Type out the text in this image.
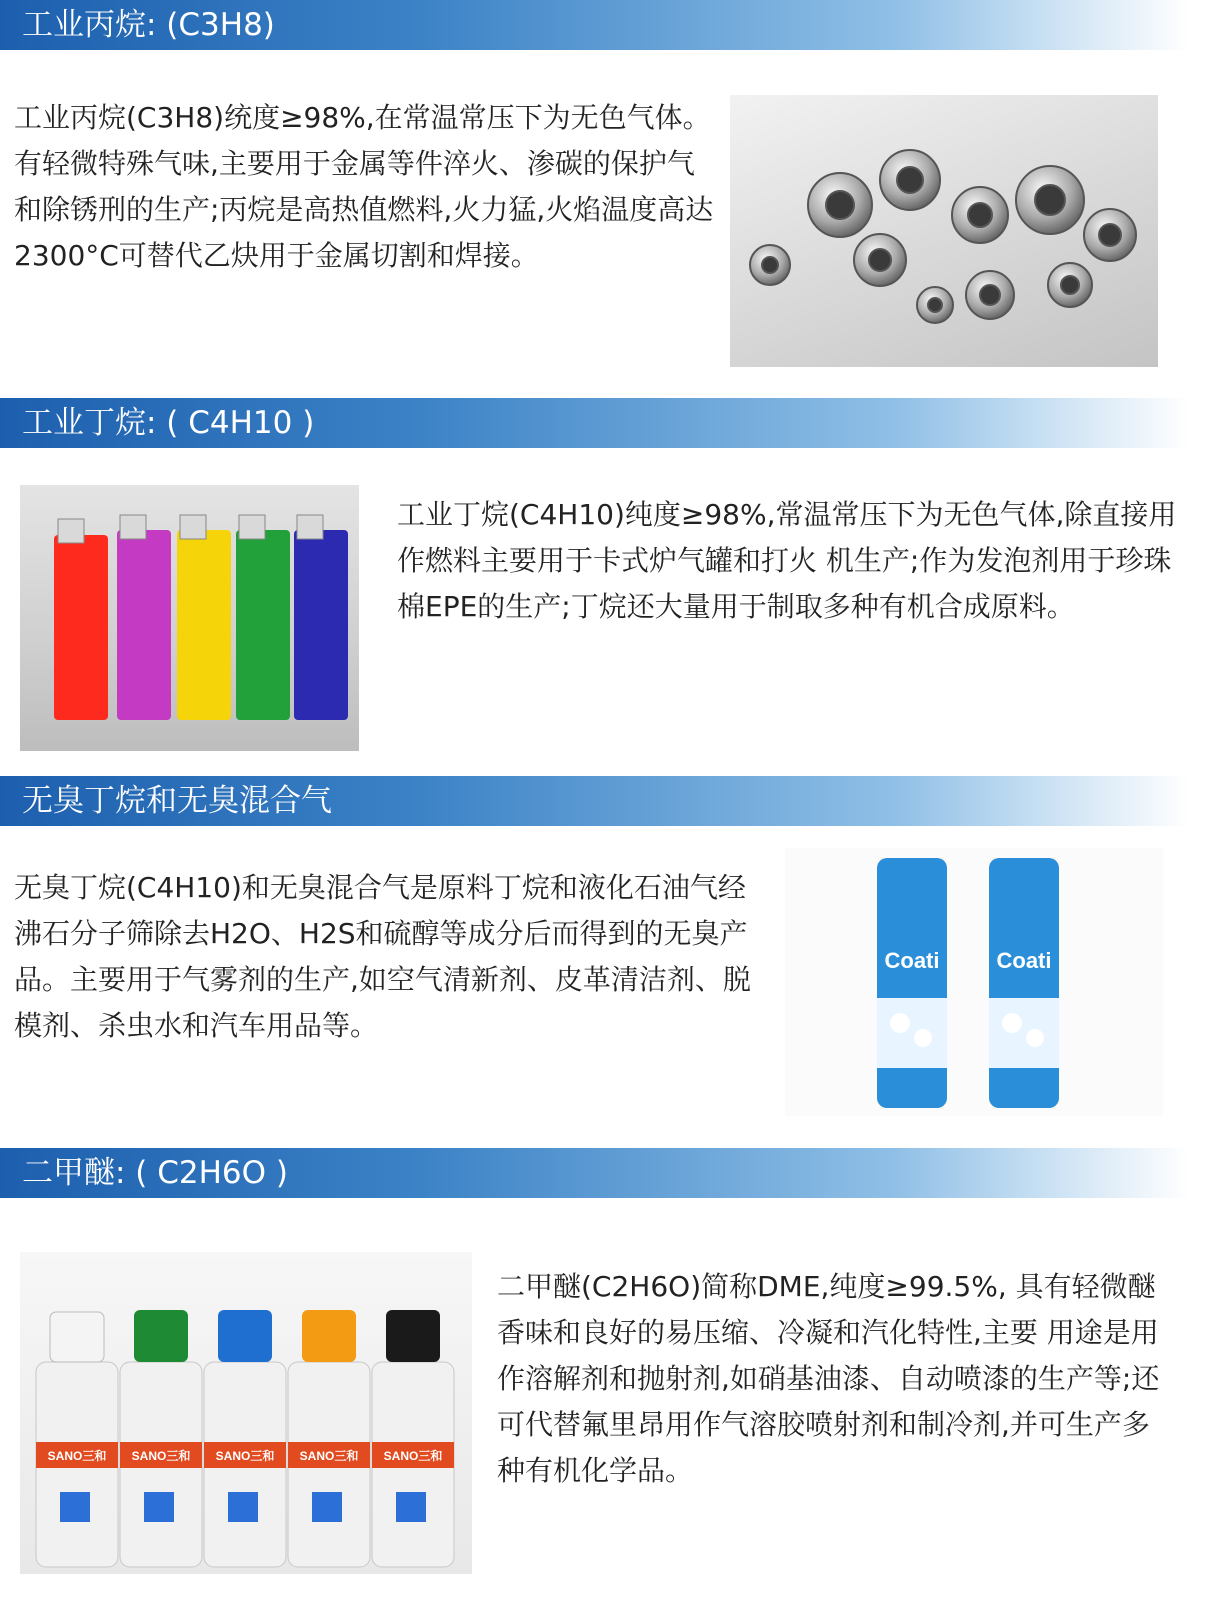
工业丙烷: (C3H8)

工业丙烷(C3H8)统度≥98%,在常温常压下为无色气体。有轻微特殊气味,主要用于金属等件淬火、渗碳的保护气和除锈刑的生产;丙烷是高热值燃料,火力猛,火焰温度高达2300°C可替代乙炔用于金属切割和焊接。

工业丁烷: ( C4H10 )

工业丁烷(C4H10)纯度≥98%,常温常压下为无色气体,除直接用作燃料主要用于卡式炉气罐和打火 机生产;作为发泡剂用于珍珠棉EPE的生产;丁烷还大量用于制取多种有机合成原料。

无臭丁烷和无臭混合气

无臭丁烷(C4H10)和无臭混合气是原料丁烷和液化石油气经沸石分子筛除去H2O、H2S和硫醇等成分后而得到的无臭产品。主要用于气雾剂的生产,如空气清新剂、皮革清洁剂、脱模剂、杀虫水和汽车用品等。

Coati	Coati
二甲醚: ( C2H6O )
SANO三和 SANO三和 SANO三和 SANO三和 SANO三和

二甲醚(C2H6O)简称DME,纯度≥99.5%, 具有轻微醚香味和良好的易压缩、冷凝和汽化特性,主要 用途是用作溶解剂和抛射剂,如硝基油漆、自动喷漆的生产等;还可代替氟里昂用作气溶胶喷射剂和制冷剂,并可生产多种有机化学品。
